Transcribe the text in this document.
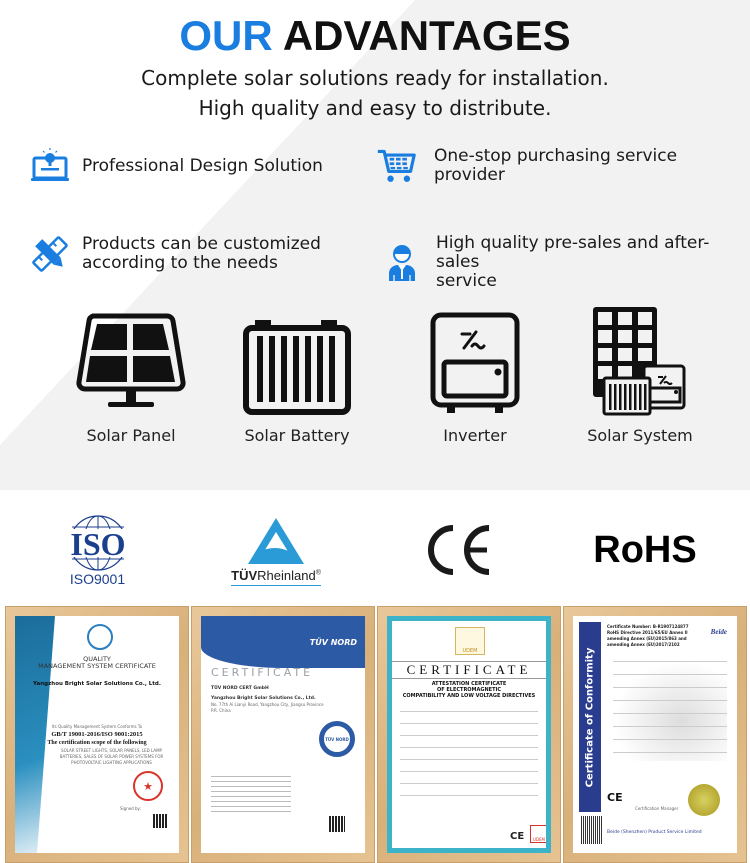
OUR ADVANTAGES
Complete solar solutions ready for installation.
High quality and easy to distribute.
Professional Design Solution	One-stop purchasing service provider
Products can be customized
according to the needs
High quality pre-sales and after-sales
service
Solar Panel	Solar Battery	Inverter	Solar System
ISO
ISO9001	TÜVRheinland®
RoHS
QUALITY
MANAGEMENT SYSTEM CERTIFICATE
Yangzhou Bright Solar Solutions Co., Ltd.
Its Quality Management System Conforms To
GB/T 19001-2016/ISO 9001:2015
The certification scope of the following
SOLAR STREET LIGHTS, SOLAR PANELS, LED LAMP BATTERIES, SALES OF SOLAR POWER SYSTEMS FOR PHOTOVOLTAIC LIGHTING APPLICATIONS
★
Signed by:
TÜV NORD
CERTIFICATE
TÜV NORD CERT GmbH
Yangzhou Bright Solar Solutions Co., Ltd.
No. 77th Ai Lianyi Road, Yangzhou City, Jiangsu Province
P.R. China
TÜV NORD
UDEM
CERTIFICATE
ATTESTATION CERTIFICATE
OF ELECTROMAGNETIC
COMPATIBILITY AND LOW VOLTAGE DIRECTIVES
CE	UDEM
Certificate of Conformity
Certificate Number: B-R1907124877
RoHS Directive 2011/65/EU Annex II
amending Annex (EU)2015/863 and
amending Annex (EU)2017/2102
Beide
CE
Certification Manager
Beide (Shenzhen) Product Service Limited
